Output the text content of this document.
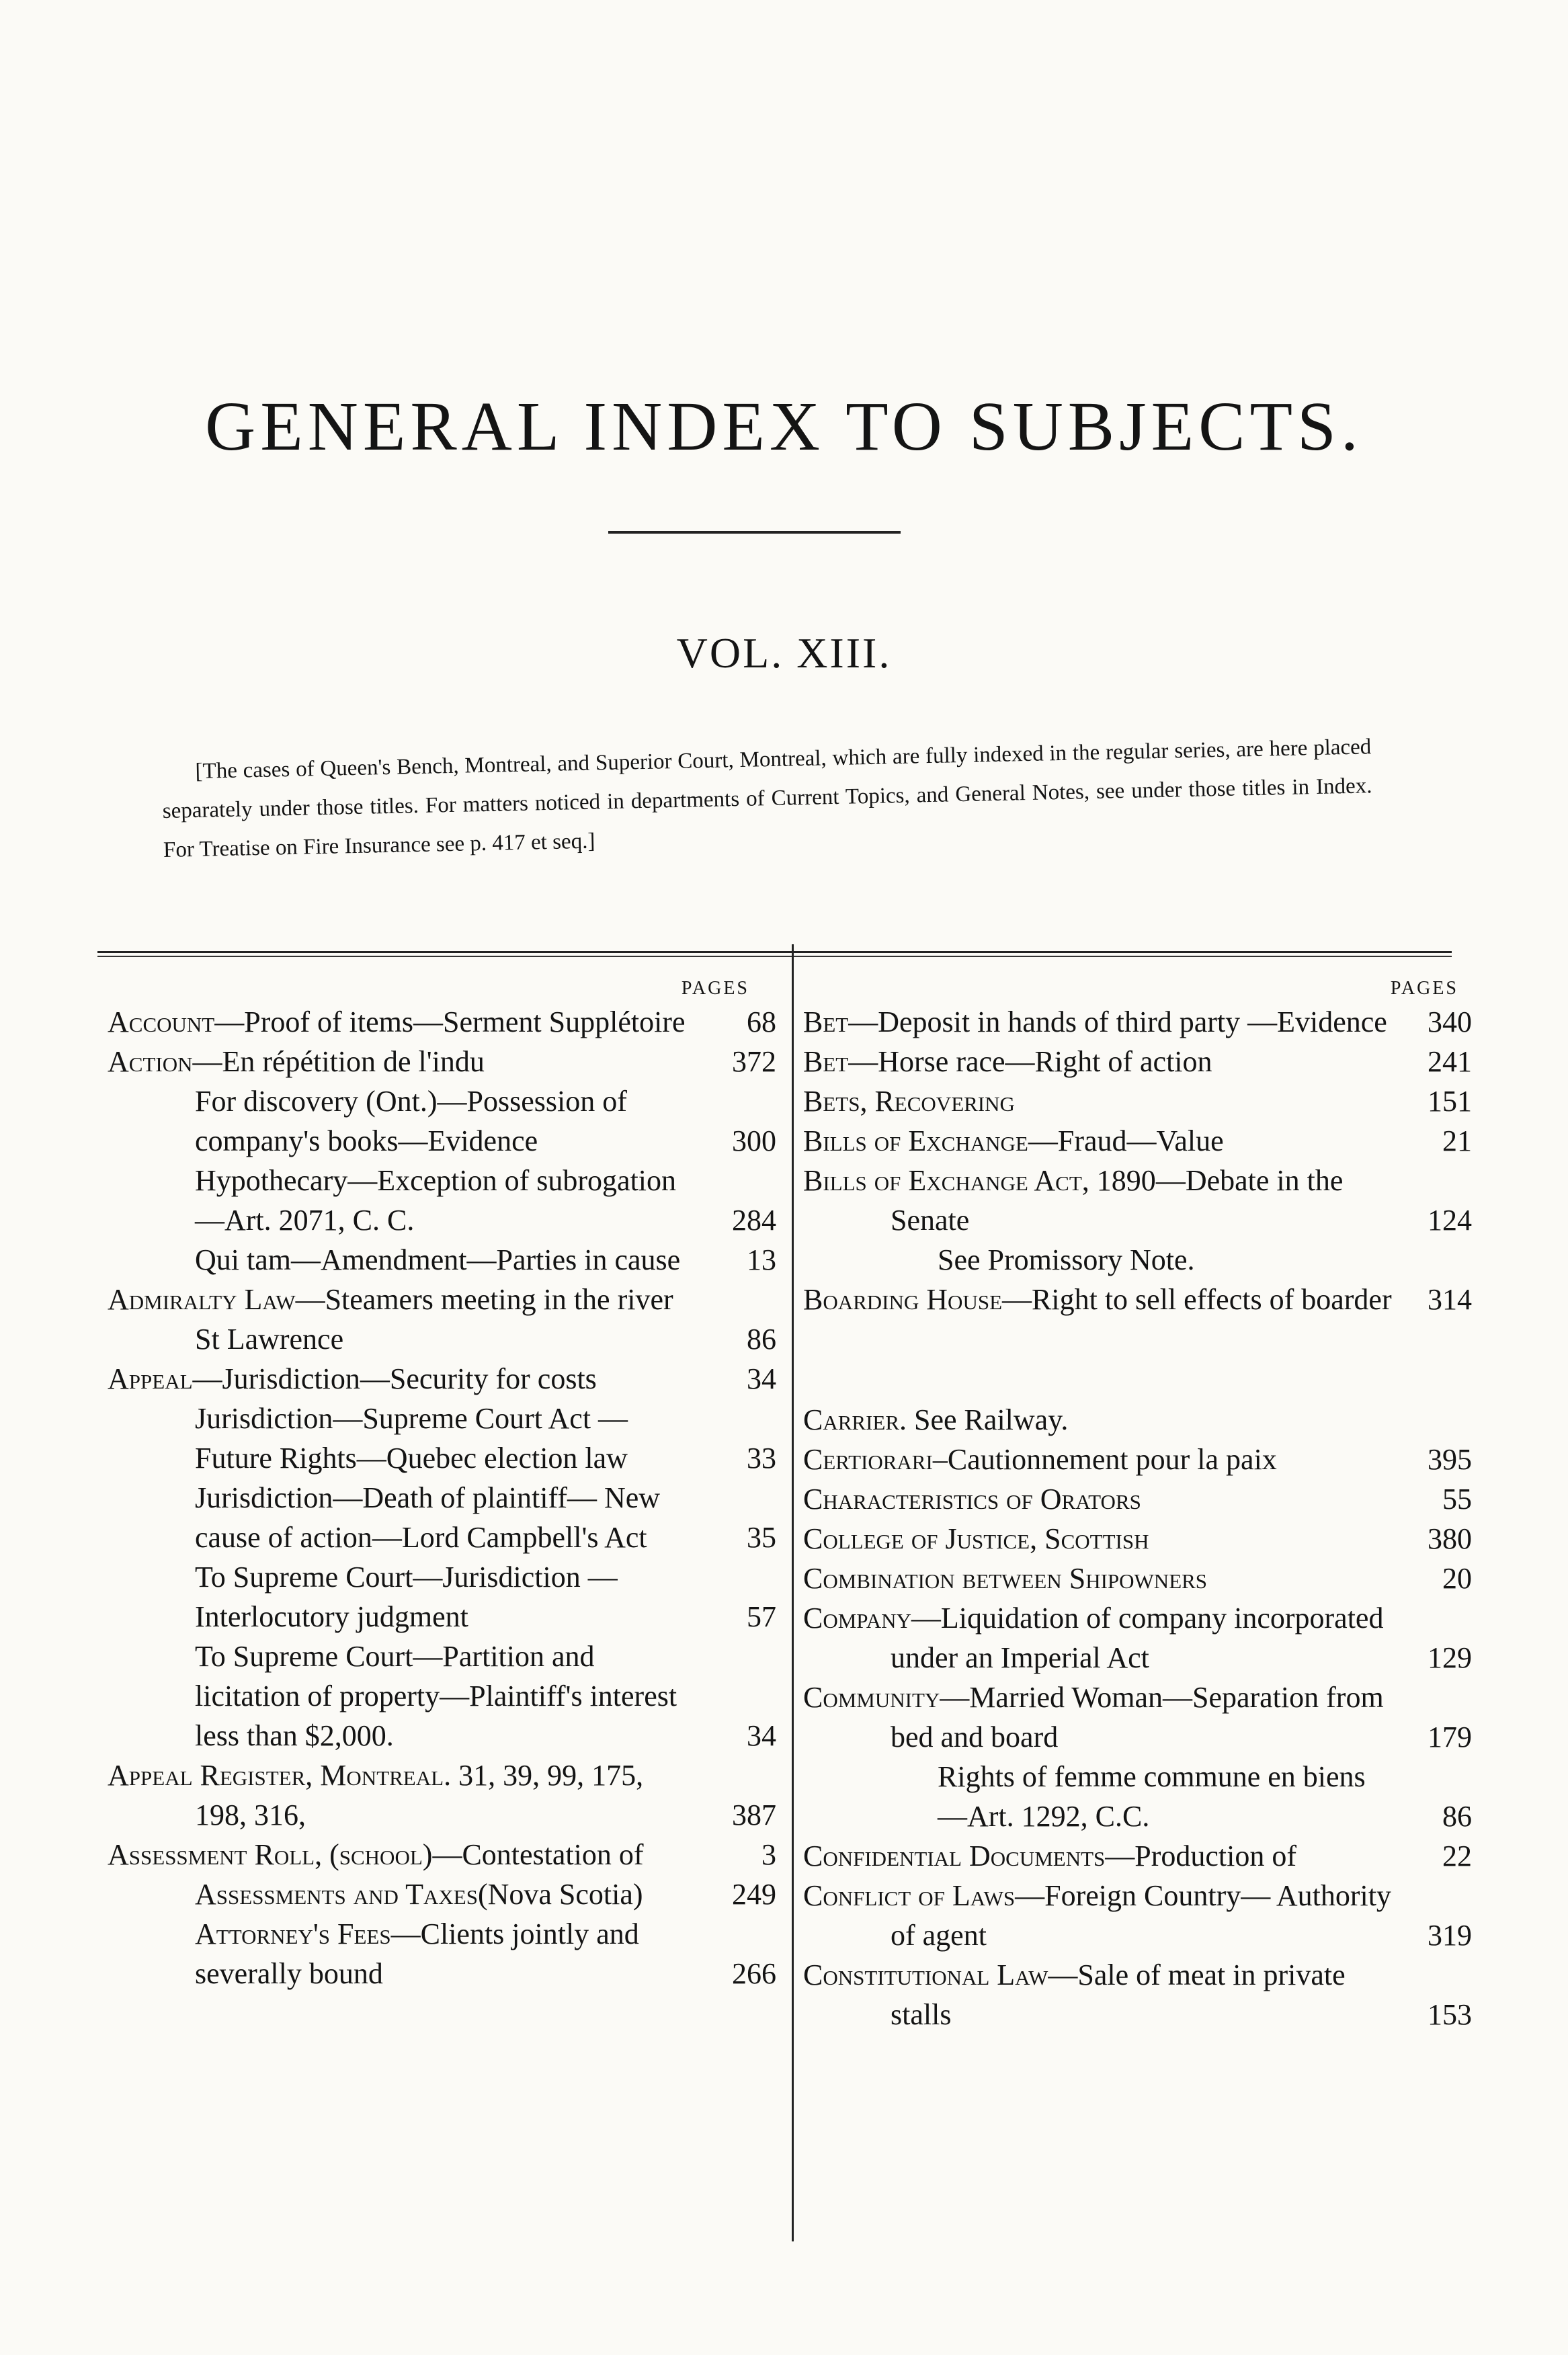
GENERAL INDEX TO SUBJECTS.
VOL. XIII.
[The cases of Queen's Bench, Montreal, and Superior Court, Montreal, which are fully indexed in the regular series, are here placed separately under those titles. For matters noticed in departments of Current Topics, and General Notes, see under those titles in Index. For Treatise on Fire Insurance see p. 417 et seq.]
PAGES
Account—Proof of items—Serment Supplétoire	68
Action—En répétition de l'indu	372
For discovery (Ont.)—Possession of company's books—Evidence	300
Hypothecary—Exception of subrogation—Art. 2071, C. C.	284
Qui tam—Amendment—Parties in cause	13
Admiralty Law—Steamers meeting in the river St Lawrence	86
Appeal—Jurisdiction—Security for costs	34
Jurisdiction—Supreme Court Act —Future Rights—Quebec election law	33
Jurisdiction—Death of plaintiff— New cause of action—Lord Campbell's Act	35
To Supreme Court—Jurisdiction —Interlocutory judgment	57
To Supreme Court—Partition and licitation of property—Plaintiff's interest less than $2,000.	34
Appeal Register, Montreal. 31, 39, 99, 175, 198, 316,	387
Assessment Roll, (school)—Contestation of	3
Assessments and Taxes(Nova Scotia)	249
Attorney's Fees—Clients jointly and severally bound	266
PAGES
Bet—Deposit in hands of third party —Evidence 340
Bet—Horse race—Right of action	241
Bets, Recovering	151
Bills of Exchange—Fraud—Value	21
Bills of Exchange Act, 1890—Debate in the Senate	124
See Promissory Note.
Boarding House—Right to sell effects of boarder 314
Carrier. See Railway.
Certiorari–Cautionnement pour la paix	395
Characteristics of Orators	55
College of Justice, Scottish	380
Combination between Shipowners	20
Company—Liquidation of company incorporated under an Imperial Act	129
Community—Married Woman—Separation from bed and board	179
Rights of femme commune en biens —Art. 1292, C.C.	86
Confidential Documents—Production of	22
Conflict of Laws—Foreign Country— Authority of agent	319
Constitutional Law—Sale of meat in private stalls	153
